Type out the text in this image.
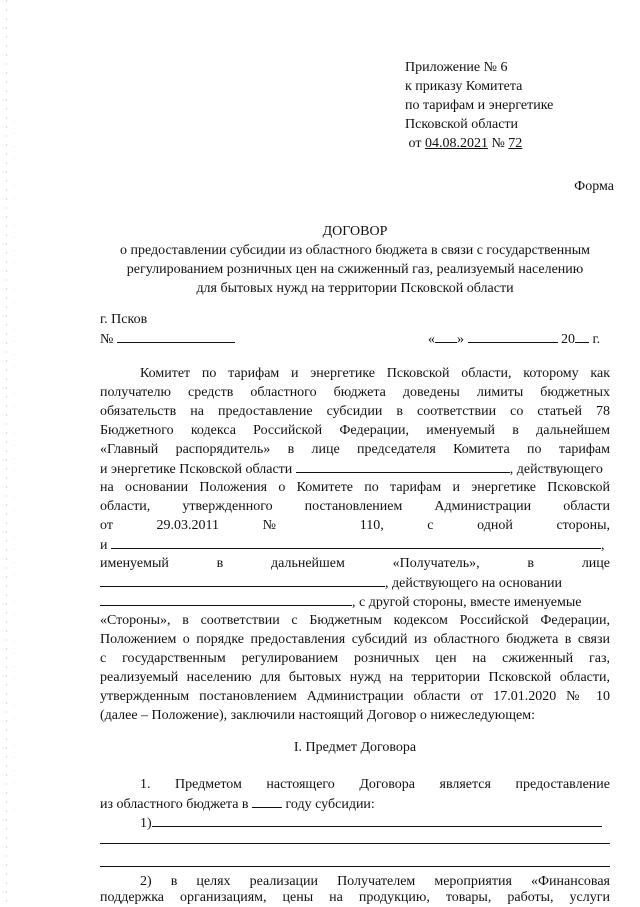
Приложение № 6
к приказу Комитета
по тарифам и энергетике
Псковской области
от 04.08.2021 № 72
Форма
ДОГОВОР
о предоставлении субсидии из областного бюджета в связи с государственным
регулированием розничных цен на сжиженный газ, реализуемый населению
для бытовых нужд на территории Псковской области
г. Псков
№	« »	20 г.
Комитет по тарифам и энергетике Псковской области, которому как
получателю средств областного бюджета доведены лимиты бюджетных
обязательств на предоставление субсидии в соответствии со статьей 78
Бюджетного кодекса Российской Федерации, именуемый в дальнейшем
«Главный распорядитель» в лице председателя Комитета по тарифам
и энергетике Псковской области	, действующего
на основании Положения о Комитете по тарифам и энергетике Псковской
области, утвержденного постановлением Администрации области
от 29.03.2011 № 110, с одной стороны,
и	,
именуемый в дальнейшем «Получатель», в лице
, действующего на основании
, с другой стороны, вместе именуемые
«Стороны», в соответствии с Бюджетным кодексом Российской Федерации,
Положением о порядке предоставления субсидий из областного бюджета в связи
с государственным регулированием розничных цен на сжиженный газ,
реализуемый населению для бытовых нужд на территории Псковской области,
утвержденным постановлением Администрации области от 17.01.2020 № 10
(далее – Положение), заключили настоящий Договор о нижеследующем:
I. Предмет Договора
1. Предметом настоящего Договора является предоставление
из областного бюджета в  году субсидии:
1)
2) в целях реализации Получателем мероприятия «Финансовая
поддержка организациям, цены на продукцию, товары, работы, услуги
